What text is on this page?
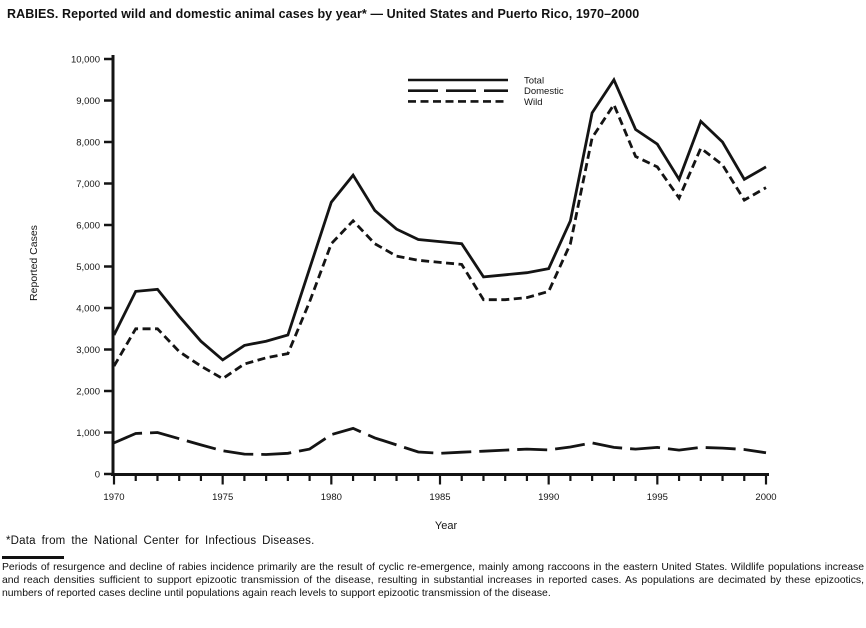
RABIES. Reported wild and domestic animal cases by year* — United States and Puerto Rico, 1970–2000
0
1,000
2,000
3,000
4,000
5,000
6,000
7,000
8,000
9,000
10,000
1970	1975	1980	1985	1990	1995	2000
Reported Cases
Year
Total
Domestic
Wild
*Data from the National Center for Infectious Diseases.

Periods of resurgence and decline of rabies incidence primarily are the result of cyclic re-emergence, mainly among raccoons in the eastern United States. Wildlife populations increase and reach densities sufficient to support epizootic transmission of the disease, resulting in substantial increases in reported cases. As populations are decimated by these epizootics, numbers of reported cases decline until populations again reach levels to support epizootic transmission of the disease.
